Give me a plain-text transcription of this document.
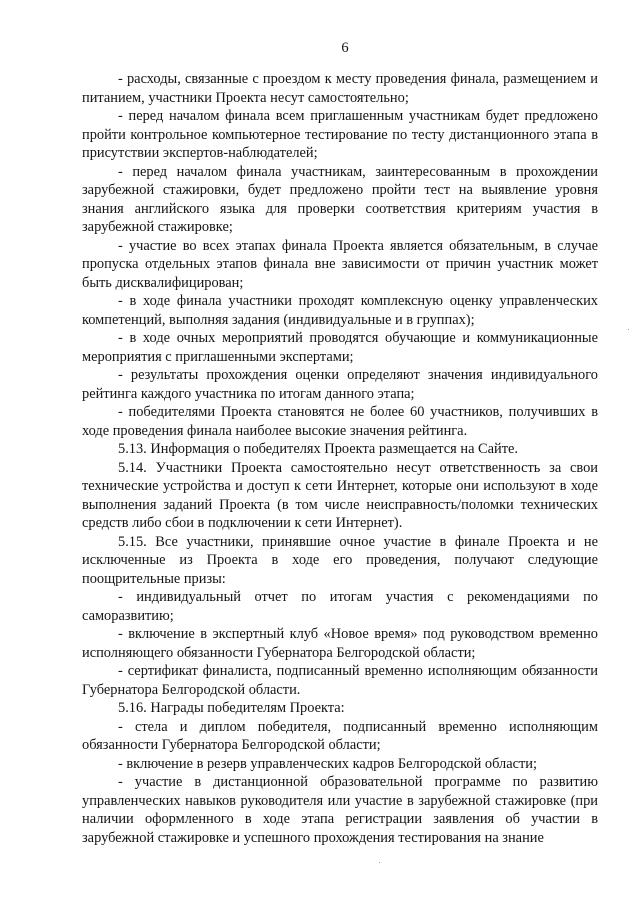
6

- расходы, связанные с проездом к месту проведения финала, размещением и питанием, участники Проекта несут самостоятельно;

- перед началом финала всем приглашенным участникам будет предложено пройти контрольное компьютерное тестирование по тесту дистанционного этапа в присутствии экспертов-наблюдателей;

- перед началом финала участникам, заинтересованным в прохождении зарубежной стажировки, будет предложено пройти тест на выявление уровня знания английского языка для проверки соответствия критериям участия в зарубежной стажировке;

- участие во всех этапах финала Проекта является обязательным, в случае пропуска отдельных этапов финала вне зависимости от причин участник может быть дисквалифицирован;

- в ходе финала участники проходят комплексную оценку управленческих компетенций, выполняя задания (индивидуальные и в группах);

- в ходе очных мероприятий проводятся обучающие и коммуникационные мероприятия с приглашенными экспертами;

- результаты прохождения оценки определяют значения индивидуального рейтинга каждого участника по итогам данного этапа;

- победителями Проекта становятся не более 60 участников, получивших в ходе проведения финала наиболее высокие значения рейтинга.

5.13. Информация о победителях Проекта размещается на Сайте.

5.14. Участники Проекта самостоятельно несут ответственность за свои технические устройства и доступ к сети Интернет, которые они используют в ходе выполнения заданий Проекта (в том числе неисправность/поломки технических средств либо сбои в подключении к сети Интернет).

5.15. Все участники, принявшие очное участие в финале Проекта и не исключенные из Проекта в ходе его проведения, получают следующие поощрительные призы:

- индивидуальный отчет по итогам участия с рекомендациями по саморазвитию;

- включение в экспертный клуб «Новое время» под руководством временно исполняющего обязанности Губернатора Белгородской области;

- сертификат финалиста, подписанный временно исполняющим обязанности Губернатора Белгородской области.

5.16. Награды победителям Проекта:

- стела и диплом победителя, подписанный временно исполняющим обязанности Губернатора Белгородской области;

- включение в резерв управленческих кадров Белгородской области;

- участие в дистанционной образовательной программе по развитию управленческих навыков руководителя или участие в зарубежной стажировке (при наличии оформленного в ходе этапа регистрации заявления об участии в зарубежной стажировке и успешного прохождения тестирования на знание
